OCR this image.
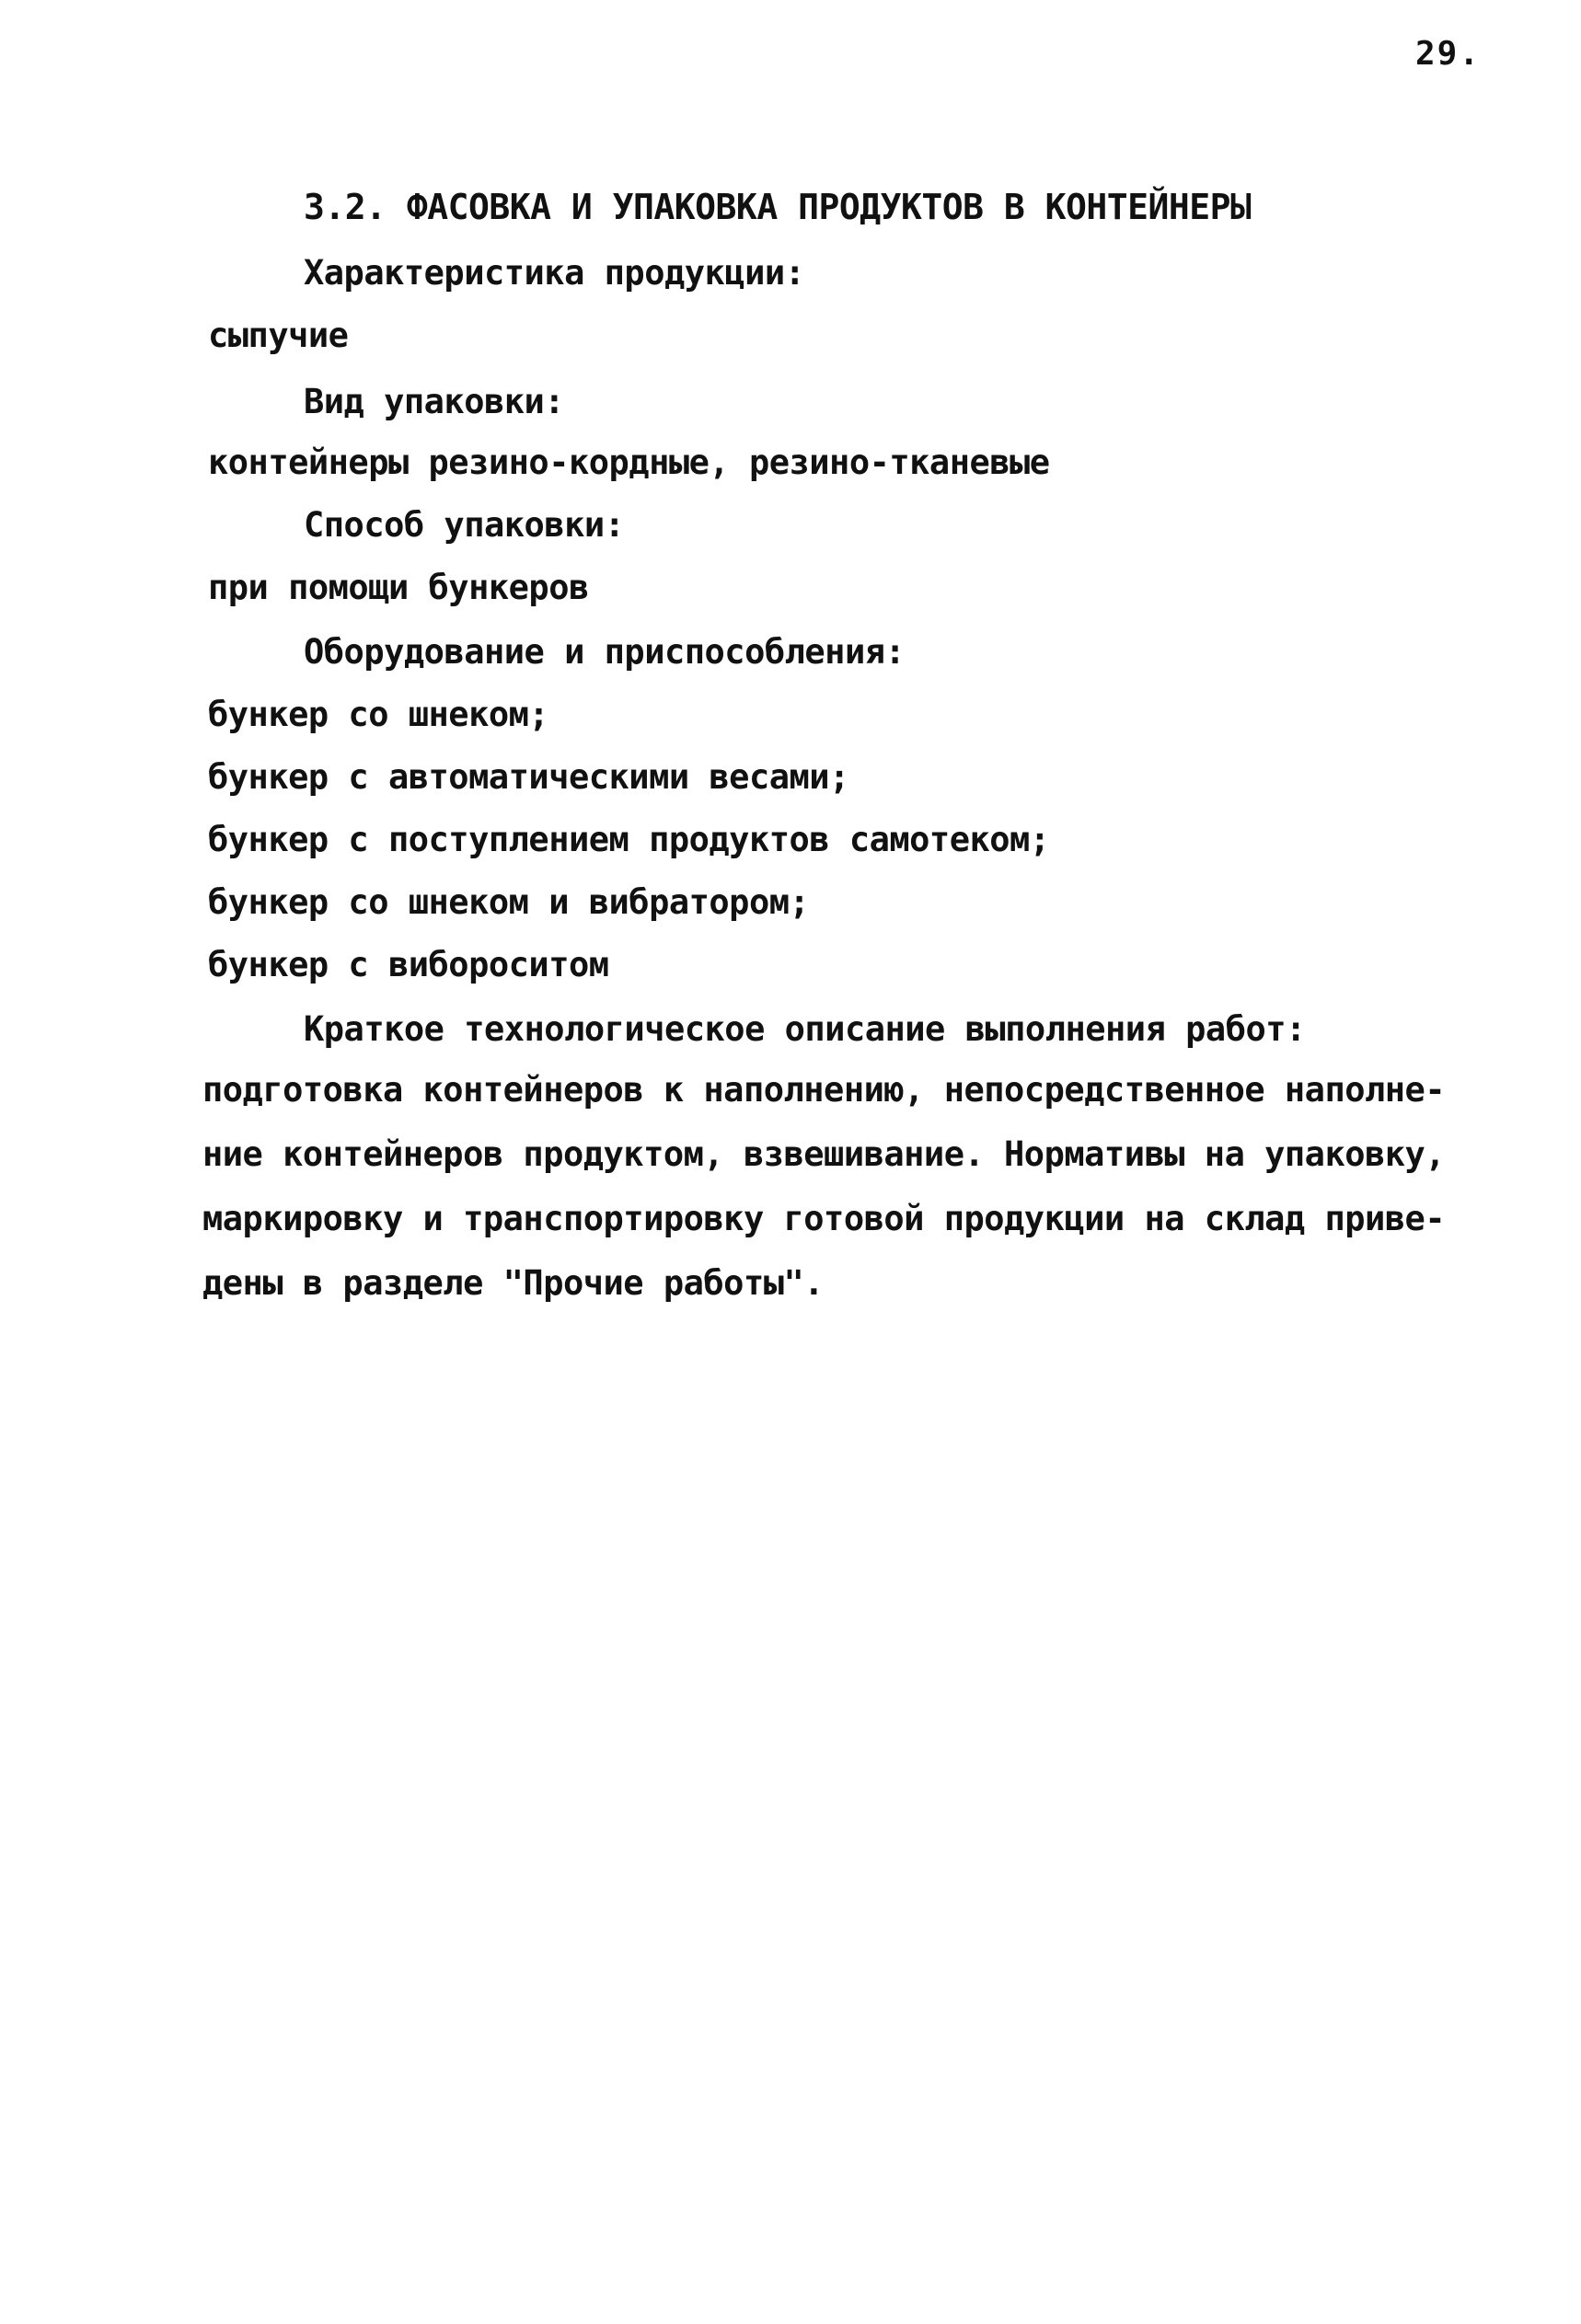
29.
3.2. ФАСОВКА И УПАКОВКА ПРОДУКТОВ В КОНТЕЙНЕРЫ
Характеристика продукции:
сыпучие
Вид упаковки:
контейнеры резино-кордные, резино-тканевые
Способ упаковки:
при помощи бункеров
Оборудование и приспособления:
бункер со шнеком;
бункер с автоматическими весами;
бункер с поступлением продуктов самотеком;
бункер со шнеком и вибратором;
бункер с вибороситом
Краткое технологическое описание выполнения работ:
подготовка контейнеров к наполнению, непосредственное наполне-
ние контейнеров продуктом, взвешивание. Нормативы на упаковку,
маркировку и транспортировку готовой продукции на склад приве-
дены в разделе "Прочие работы".
